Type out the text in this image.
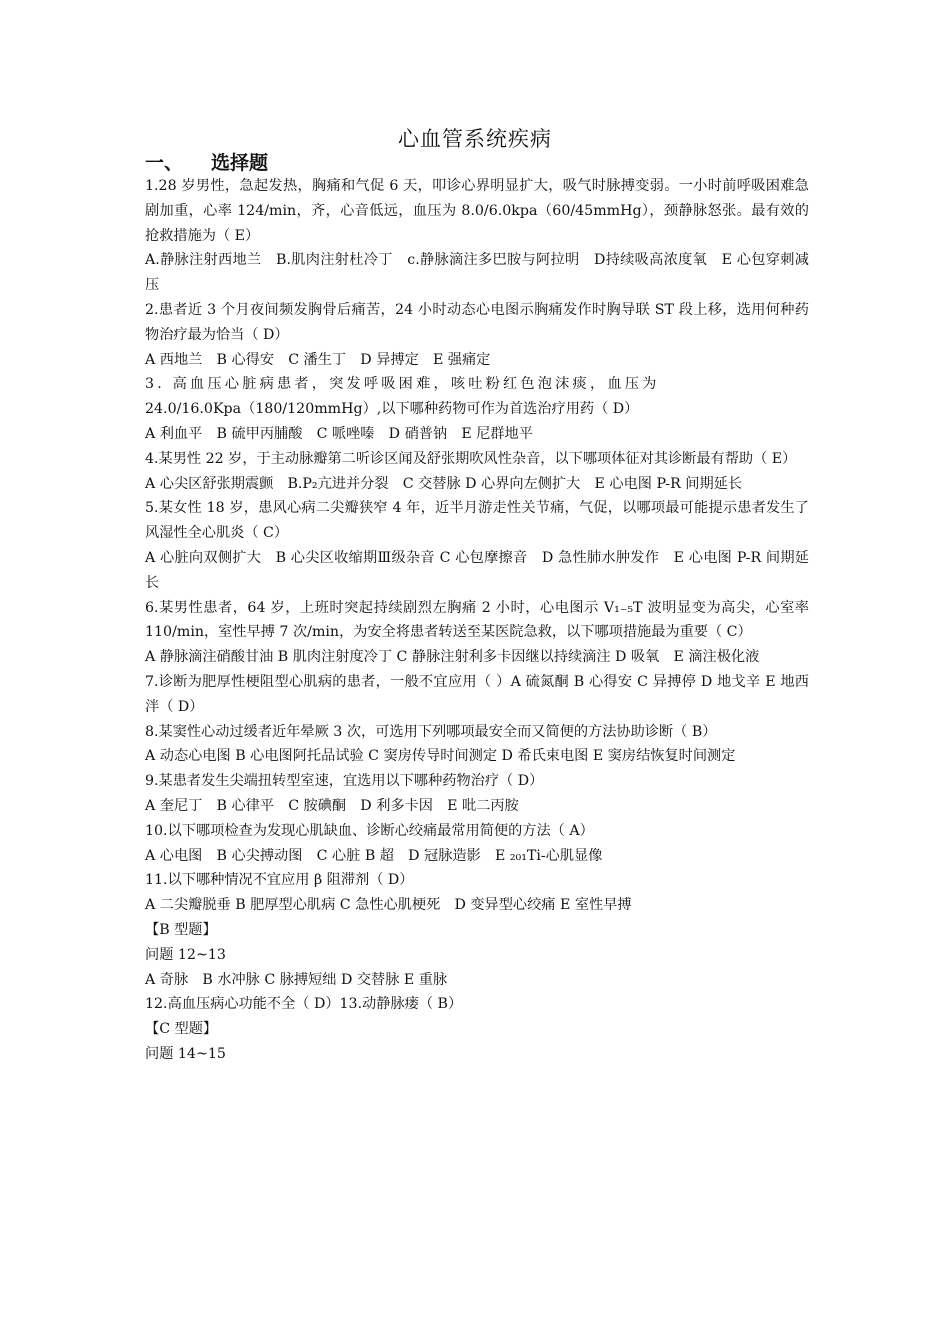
心血管系统疾病
一、 选择题

1.28 岁男性，急起发热，胸痛和气促 6 天，叩诊心界明显扩大，吸气时脉搏变弱。一小时前呼吸困难急剧加重，心率 124/min，齐，心音低远，血压为 8.0/6.0kpa（60/45mmHg），颈静脉怒张。最有效的抢救措施为（ E）

A.静脉注射西地兰　B.肌肉注射杜冷丁　c.静脉滴注多巴胺与阿拉明　D持续吸高浓度氧　E 心包穿刺减压

2.患者近 3 个月夜间频发胸骨后痛苦，24 小时动态心电图示胸痛发作时胸导联 ST 段上移，选用何种药物治疗最为恰当（ D）

A 西地兰　B 心得安　C 潘生丁　D 异搏定　E 强痛定

3. 高血压心脏病患者，突发呼吸困难，咳吐粉红色泡沫痰，血压为

24.0/16.0Kpa（180/120mmHg）,以下哪种药物可作为首选治疗用药（ D）

A 利血平　B 硫甲丙脯酸　C 哌唑嗪　D 硝普钠　E 尼群地平

4.某男性 22 岁，于主动脉瓣第二听诊区闻及舒张期吹风性杂音，以下哪项体征对其诊断最有帮助（ E）

A 心尖区舒张期震颤　B.P₂亢进并分裂　C 交替脉 D 心界向左侧扩大　E 心电图 P-R 间期延长

5.某女性 18 岁，患风心病二尖瓣狭窄 4 年，近半月游走性关节痛，气促，以哪项最可能提示患者发生了风湿性全心肌炎（ C）

A 心脏向双侧扩大　B 心尖区收缩期Ⅲ级杂音 C 心包摩擦音　D 急性肺水肿发作　E 心电图 P-R 间期延长

6.某男性患者，64 岁，上班时突起持续剧烈左胸痛 2 小时，心电图示 V₁₋₅T 波明显变为高尖，心室率 110/min，室性早搏 7 次/min，为安全将患者转送至某医院急救，以下哪项措施最为重要（ C）

A 静脉滴注硝酸甘油 B 肌肉注射度冷丁 C 静脉注射利多卡因继以持续滴注 D 吸氧　E 滴注极化液

7.诊断为肥厚性梗阻型心肌病的患者，一般不宜应用（ ）A 硫氮酮 B 心得安 C 异搏停 D 地戈辛 E 地西泮（ D）

8.某窦性心动过缓者近年晕厥 3 次，可选用下列哪项最安全而又简便的方法协助诊断（ B）

A 动态心电图 B 心电图阿托品试验 C 窦房传导时间测定 D 希氏束电图 E 窦房结恢复时间测定

9.某患者发生尖端扭转型室速，宜选用以下哪种药物治疗（ D）

A 奎尼丁　B 心律平　C 胺碘酮　D 利多卡因　E 吡二丙胺

10.以下哪项检查为发现心肌缺血、诊断心绞痛最常用简便的方法（ A）

A 心电图　B 心尖搏动图　C 心脏 B 超　D 冠脉造影　E ₂₀₁Ti-心肌显像

11.以下哪种情况不宜应用 β 阻滞剂（ D）

A 二尖瓣脱垂 B 肥厚型心肌病 C 急性心肌梗死　D 变异型心绞痛 E 室性早搏

【B 型题】

问题 12~13

A 奇脉　B 水冲脉 C 脉搏短绌 D 交替脉 E 重脉

12.高血压病心功能不全（ D）13.动静脉瘘（ B）

【C 型题】

问题 14~15
